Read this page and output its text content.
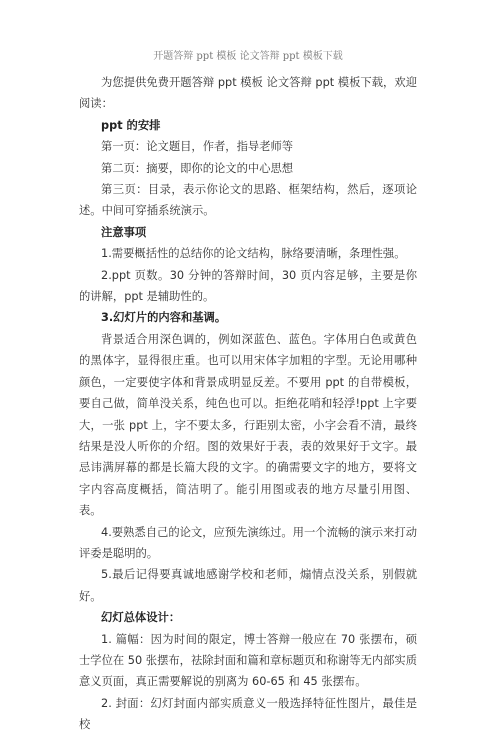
开题答辩 ppt 模板 论文答辩 ppt 模板下载

为您提供免费开题答辩 ppt 模板 论文答辩 ppt 模板下载，欢迎阅读：

ppt 的安排

第一页：论文题目，作者，指导老师等

第二页：摘要，即你的论文的中心思想

第三页：目录，表示你论文的思路、框架结构，然后，逐项论述。中间可穿插系统演示。

注意事项

1.需要概括性的总结你的论文结构，脉络要清晰，条理性强。

2.ppt 页数。30 分钟的答辩时间，30 页内容足够，主要是你的讲解，ppt 是辅助性的。

3.幻灯片的内容和基调。

背景适合用深色调的，例如深蓝色、蓝色。字体用白色或黄色的黑体字，显得很庄重。也可以用宋体字加粗的字型。无论用哪种颜色，一定要使字体和背景成明显反差。不要用 ppt 的自带模板，要自己做，简单没关系，纯色也可以。拒绝花哨和轻浮!ppt 上字要大，一张 ppt 上，字不要太多，行距别太密，小字会看不清，最终结果是没人听你的介绍。图的效果好于表，表的效果好于文字。最忌讳满屏幕的都是长篇大段的文字。的确需要文字的地方，要将文字内容高度概括，简洁明了。能引用图或表的地方尽量引用图、表。

4.要熟悉自己的论文，应预先演练过。用一个流畅的演示来打动评委是聪明的。

5.最后记得要真诚地感谢学校和老师，煽情点没关系，别假就好。

幻灯总体设计：

1. 篇幅：因为时间的限定，博士答辩一般应在 70 张摆布，硕士学位在 50 张摆布，祛除封面和篇和章标题页和称谢等无内部实质意义页面，真正需要解说的别离为 60-65 和 45 张摆布。

2. 封面：幻灯封面内部实质意义一般选择特征性图片，最佳是校
